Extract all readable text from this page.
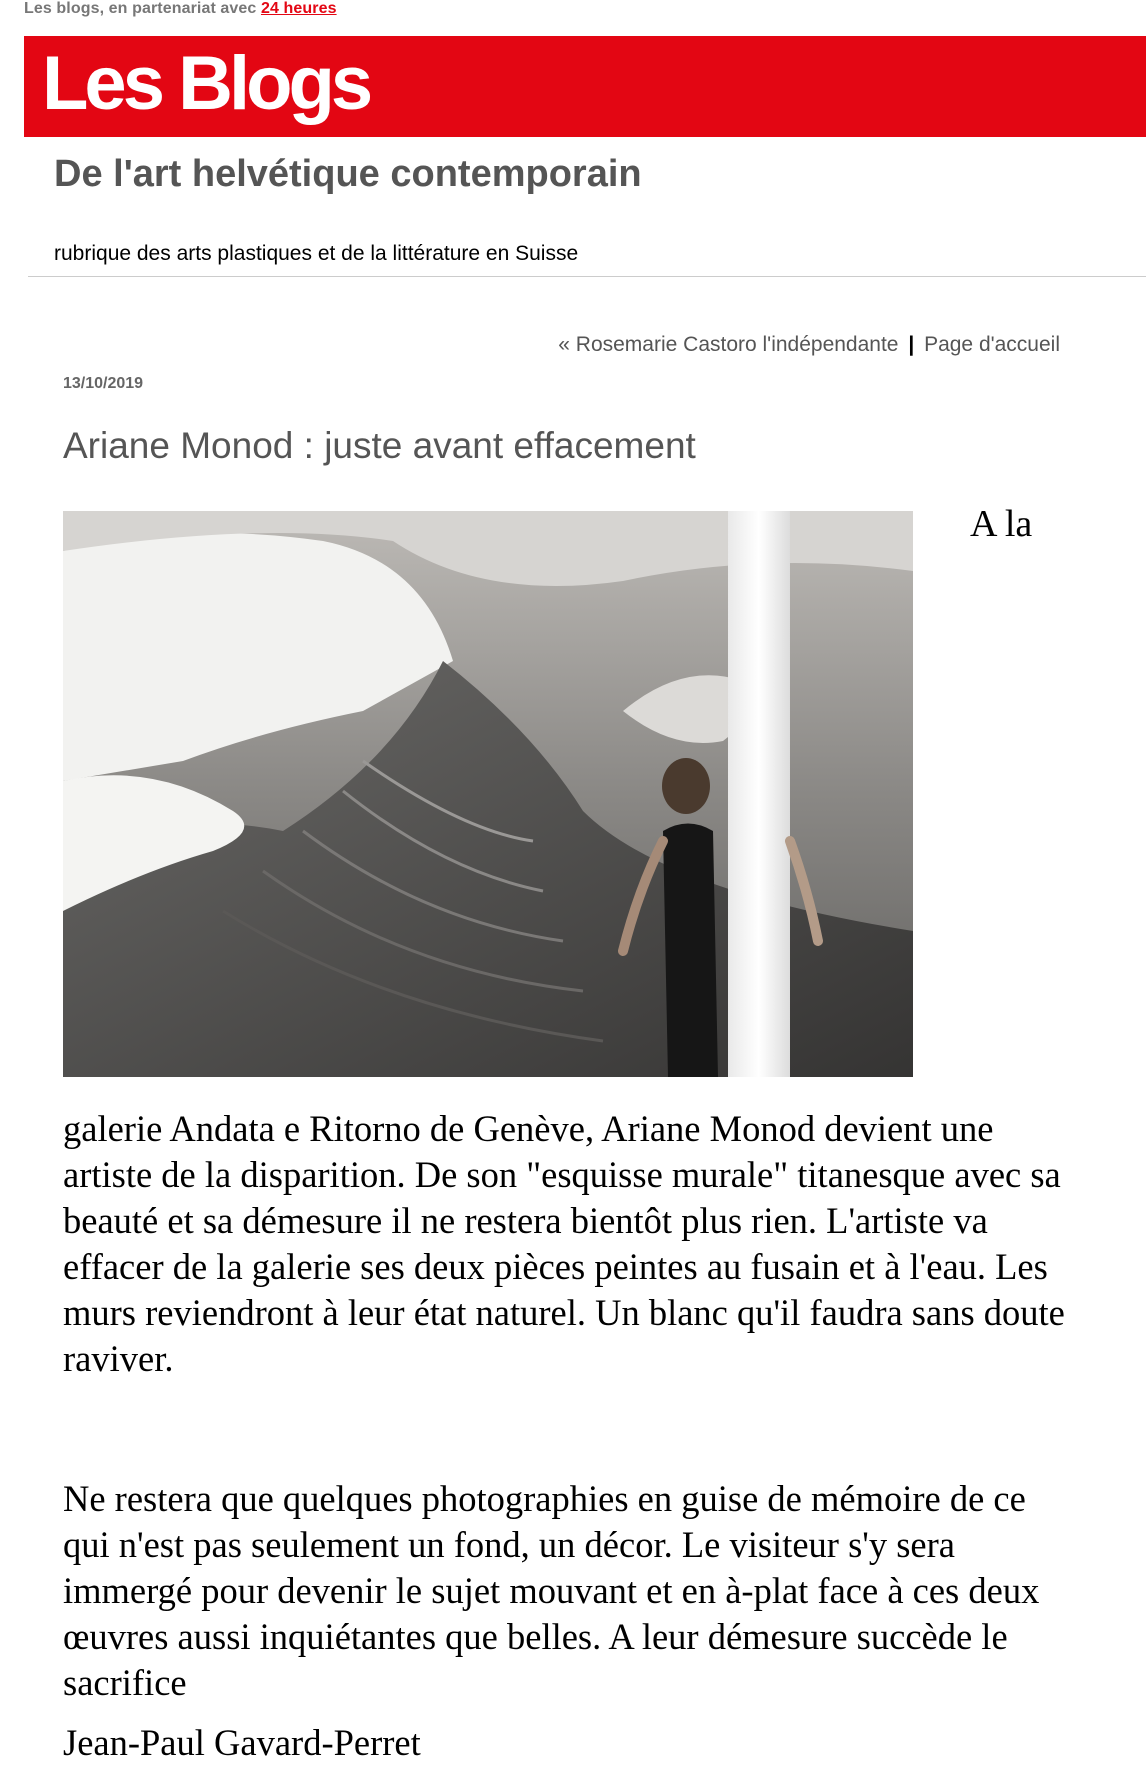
Les blogs, en partenariat avec 24 heures
Les Blogs
De l'art helvétique contemporain
rubrique des arts plastiques et de la littérature en Suisse
« Rosemarie Castoro l'indépendante | Page d'accueil
13/10/2019
Ariane Monod : juste avant effacement
A la

galerie Andata e Ritorno de Genève, Ariane Monod devient une artiste de la disparition. De son "esquisse murale" titanesque avec sa beauté et sa démesure il ne restera bientôt plus rien. L'artiste va effacer de la galerie ses deux pièces peintes au fusain et à l'eau. Les murs reviendront à leur état naturel. Un blanc qu'il faudra sans doute raviver.

Ne restera que quelques photographies en guise de mémoire de ce qui n'est pas seulement un fond, un décor. Le visiteur s'y sera immergé pour devenir le sujet mouvant et en à-plat face à ces deux œuvres aussi inquiétantes que belles. A leur démesure succède le sacrifice

Jean-Paul Gavard-Perret
